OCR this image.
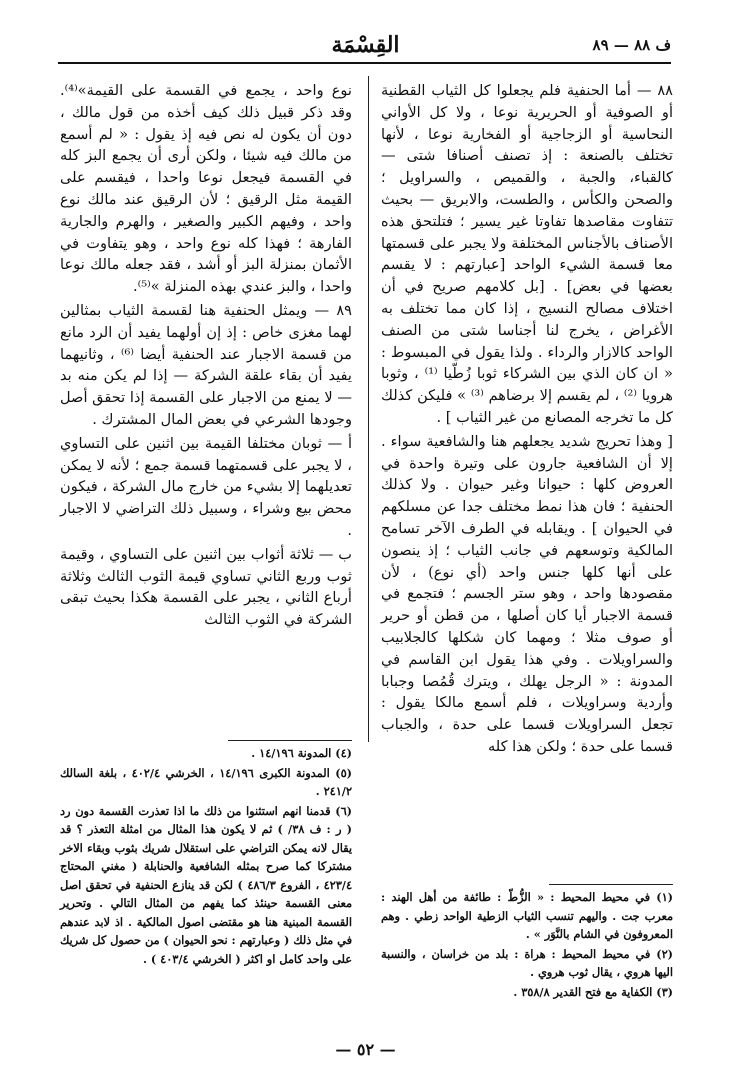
ف ٨٨ — ٨٩
القِسْمَة

٨٨ — أما الحنفية فلم يجعلوا كل الثياب القطنية أو الصوفية أو الحريرية نوعا ، ولا كل الأواني النحاسية أو الزجاجية أو الفخارية نوعا ، لأنها تختلف بالصنعة : إذ تصنف أصنافا شتى — كالقباء، والجبة ، والقميص ، والسراويل ؛ والصحن والكأس ، والطست، والابريق — بحيث تتفاوت مقاصدها تفاوتا غير يسير ؛ فتلتحق هذه الأصناف بالأجناس المختلفة ولا يجبر على قسمتها معا قسمة الشيء الواحد [عبارتهم : لا يقسم بعضها في بعض] . [بل كلامهم صريح في أن اختلاف مصالح النسيج ، إذا كان مما تختلف به الأغراض ، يخرج لنا أجناسا شتى من الصنف الواحد كالازار والرداء . ولذا يقول في المبسوط : « ان كان الذي بين الشركاء ثوبا زُطّيا ⁽¹⁾ ، وثوبا هرويا ⁽²⁾ ، لم يقسم إلا برضاهم ⁽³⁾ » فليكن كذلك كل ما تخرجه المصانع من غير الثياب ] .

[ وهذا تحريج شديد يجعلهم هنا والشافعية سواء . إلا أن الشافعية جارون على وتيرة واحدة في العروض كلها : حيوانا وغير حيوان . ولا كذلك الحنفية ؛ فان هذا نمط مختلف جدا عن مسلكهم في الحيوان ] . ويقابله في الطرف الآخر تسامح المالكية وتوسعهم في جانب الثياب ؛ إذ ينصون على أنها كلها جنس واحد (أي نوع) ، لأن مقصودها واحد ، وهو ستر الجسم ؛ فتجمع في قسمة الاجبار أيا كان أصلها ، من قطن أو حرير أو صوف مثلا ؛ ومهما كان شكلها كالجلابيب والسراويلات . وفي هذا يقول ابن القاسم في المدونة : « الرجل يهلك ، ويترك قُمُصا وجبابا وأردية وسراويلات ، فلم أسمع مالكا يقول : تجعل السراويلات قسما على حدة ، والجباب قسما على حدة ؛ ولكن هذا كله

نوع واحد ، يجمع في القسمة على القيمة»⁽⁴⁾. وقد ذكر قبيل ذلك كيف أخذه من قول مالك ، دون أن يكون له نص فيه إذ يقول : « لم أسمع من مالك فيه شيئا ، ولكن أرى أن يجمع البز كله في القسمة فيجعل نوعا واحدا ، فيقسم على القيمة مثل الرقيق ؛ لأن الرقيق عند مالك نوع واحد ، وفيهم الكبير والصغير ، والهرم والجارية الفارهة ؛ فهذا كله نوع واحد ، وهو يتفاوت في الأثمان بمنزلة البز أو أشد ، فقد جعله مالك نوعا واحدا ، والبز عندي بهذه المنزلة »⁽⁵⁾.

٨٩ — ويمثل الحنفية هنا لقسمة الثياب بمثالين لهما مغزى خاص : إذ إن أولهما يفيد أن الرد مانع من قسمة الاجبار عند الحنفية أيضا ⁽⁶⁾ ، وثانيهما يفيد أن بقاء علقة الشركة — إذا لم يكن منه بد — لا يمنع من الاجبار على القسمة إذا تحقق أصل وجودها الشرعي في بعض المال المشترك .

أ — ثوبان مختلفا القيمة بين اثنين على التساوي ، لا يجبر على قسمتهما قسمة جمع ؛ لأنه لا يمكن تعديلهما إلا بشيء من خارج مال الشركة ، فيكون محض بيع وشراء ، وسبيل ذلك التراضي لا الاجبار .

ب — ثلاثة أثواب بين اثنين على التساوي ، وقيمة ثوب وربع الثاني تساوي قيمة الثوب الثالث وثلاثة أرباع الثاني ، يجبر على القسمة هكذا بحيث تبقى الشركة في الثوب الثالث

(٤) المدونة ١٤/١٩٦ .

(٥) المدونة الكبرى ١٤/١٩٦ ، الخرشي ٤٠٢/٤ ، بلغة السالك ٢٤١/٢ .

(٦) قدمنا انهم استثنوا من ذلك ما اذا تعذرت القسمة دون رد ( ر : ف ٣٨/ ) ثم لا يكون هذا المثال من امثلة التعذر ؟ قد يقال لانه يمكن التراضي على استقلال شريك بثوب وبقاء الاخر مشتركا كما صرح بمثله الشافعية والحنابلة ( مغني المحتاج ٤٢٣/٤ ، الفروع ٤٨٦/٣ ) لكن قد ينازع الحنفية في تحقق اصل معنى القسمة حينئذ كما يفهم من المثال التالي . وتحرير القسمة المبنية هنا هو مقتضى اصول المالكية . اذ لابد عندهم في مثل ذلك ( وعبارتهم : نحو الحيوان ) من حصول كل شريك على واحد كامل او اكثر ( الخرشي ٤٠٣/٤ ) .

(١) في محيط المحيط : « الزُّطّ : طائفة من أهل الهند : معرب جت . واليهم تنسب الثياب الزطية الواحد زطي . وهم المعروفون في الشام بالنَّوَر » .

(٢) في محيط المحيط : هراة : بلد من خراسان ، والنسبة اليها هروي ، يقال ثوب هروي .

(٣) الكفاية مع فتح القدير ٣٥٨/٨ .

— ٥٢ —
